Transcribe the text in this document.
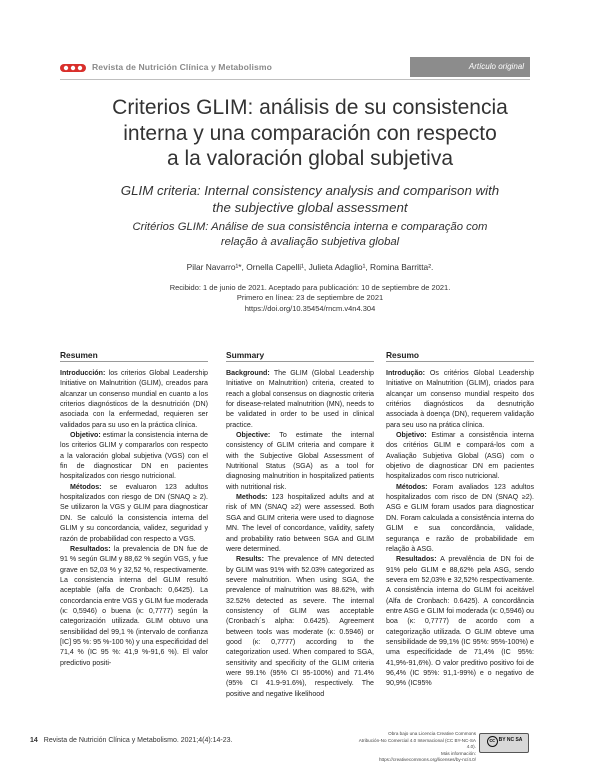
Revista de Nutrición Clínica y Metabolismo	Artículo original
Criterios GLIM: análisis de su consistencia
interna y una comparación con respecto
a la valoración global subjetiva
GLIM criteria: Internal consistency analysis and comparison with
the subjective global assessment
Critérios GLIM: Análise de sua consistência interna e comparação com
relação à avaliação subjetiva global
Pilar Navarro¹*, Ornella Capelli¹, Julieta Adaglio¹, Romina Barritta².
Recibido: 1 de junio de 2021. Aceptado para publicación: 10 de septiembre de 2021.
Primero en línea: 23 de septiembre de 2021
https://doi.org/10.35454/rncm.v4n4.304
Resumen

Introducción: los criterios Global Leadership Initiative on Malnutrition (GLIM), creados para alcanzar un consenso mundial en cuanto a los criterios diagnósticos de la desnutrición (DN) asociada con la enfermedad, requieren ser validados para su uso en la práctica clínica.

Objetivo: estimar la consistencia interna de los criterios GLIM y compararlos con respecto a la valoración global subjetiva (VGS) con el fin de diagnosticar DN en pacientes hospitalizados con riesgo nutricional.

Métodos: se evaluaron 123 adultos hospitalizados con riesgo de DN (SNAQ ≥ 2). Se utilizaron la VGS y GLIM para diagnosticar DN. Se calculó la consistencia interna del GLIM y su concordancia, validez, seguridad y razón de probabilidad con respecto a VGS.

Resultados: la prevalencia de DN fue de 91 % según GLIM y 88,62 % según VGS, y fue grave en 52,03 % y 32,52 %, respectivamente. La consistencia interna del GLIM resultó aceptable (alfa de Cronbach: 0,6425). La concordancia entre VGS y GLIM fue moderada (κ: 0,5946) o buena (κ: 0,7777) según la categorización utilizada. GLIM obtuvo una sensibilidad del 99,1 % (intervalo de confianza [IC] 95 %: 95 %-100 %) y una especificidad del 71,4 % (IC 95 %: 41,9 %-91,6 %). El valor predictivo positi-

Summary

Background: The GLIM (Global Leadership Initiative on Malnutrition) criteria, created to reach a global consensus on diagnostic criteria for disease-related malnutrition (MN), needs to be validated in order to be used in clinical practice.

Objective: To estimate the internal consistency of GLIM criteria and compare it with the Subjective Global Assessment of Nutritional Status (SGA) as a tool for diagnosing malnutrition in hospitalized patients with nutritional risk.

Methods: 123 hospitalized adults and at risk of MN (SNAQ ≥2) were assessed. Both SGA and GLIM criteria were used to diagnose MN. The level of concordance, validity, safety and probability ratio between SGA and GLIM were determined.

Results: The prevalence of MN detected by GLIM was 91% with 52.03% categorized as severe malnutrition. When using SGA, the prevalence of malnutrition was 88.62%, with 32.52% detected as severe. The internal consistency of GLIM was acceptable (Cronbach´s alpha: 0.6425). Agreement between tools was moderate (κ: 0.5946) or good (κ: 0,7777) according to the categorization used. When compared to SGA, sensitivity and specificity of the GLIM criteria were 99.1% (95% CI 95-100%) and 71.4% (95% CI 41.9-91.6%), respectively. The positive and negative likelihood

Resumo

Introdução: Os critérios Global Leadership Initiative on Malnutrition (GLIM), criados para alcançar um consenso mundial respeito dos critérios diagnósticos da desnutrição associada à doença (DN), requerem validação para seu uso na prática clínica.

Objetivo: Estimar a consistência interna dos critérios GLIM e compará-los com a Avaliação Subjetiva Global (ASG) com o objetivo de diagnosticar DN em pacientes hospitalizados com risco nutricional.

Métodos: Foram avaliados 123 adultos hospitalizados com risco de DN (SNAQ ≥2). ASG e GLIM foram usados para diagnosticar DN. Foram calculada a consistência interna do GLIM e sua concordância, validade, segurança e razão de probabilidade em relação à ASG.

Resultados: A prevalência de DN foi de 91% pelo GLIM e 88,62% pela ASG, sendo severa em 52,03% e 32,52% respectivamente. A consistência interna do GLIM foi aceitável (Alfa de Cronbach: 0.6425). A concordância entre ASG e GLIM foi moderada (κ: 0,5946) ou boa (κ: 0,7777) de acordo com a categorização utilizada. O GLIM obteve uma sensibilidade de 99,1% (IC 95%: 95%-100%) e uma especificidade de 71,4% (IC 95%: 41,9%-91,6%). O valor preditivo positivo foi de 96,4% (IC 95%: 91,1-99%) e o negativo de 90,9% (IC95%

14 Revista de Nutrición Clínica y Metabolismo. 2021;4(4):14-23.
Obra bajo una Licencia Creative Commons
Atribución-No Comercial 4.0 Internacional (CC BY-NC-SA 4.0).
Más información: https://creativecommons.org/licenses/by-nc/4.0/
cc BY NC SA
